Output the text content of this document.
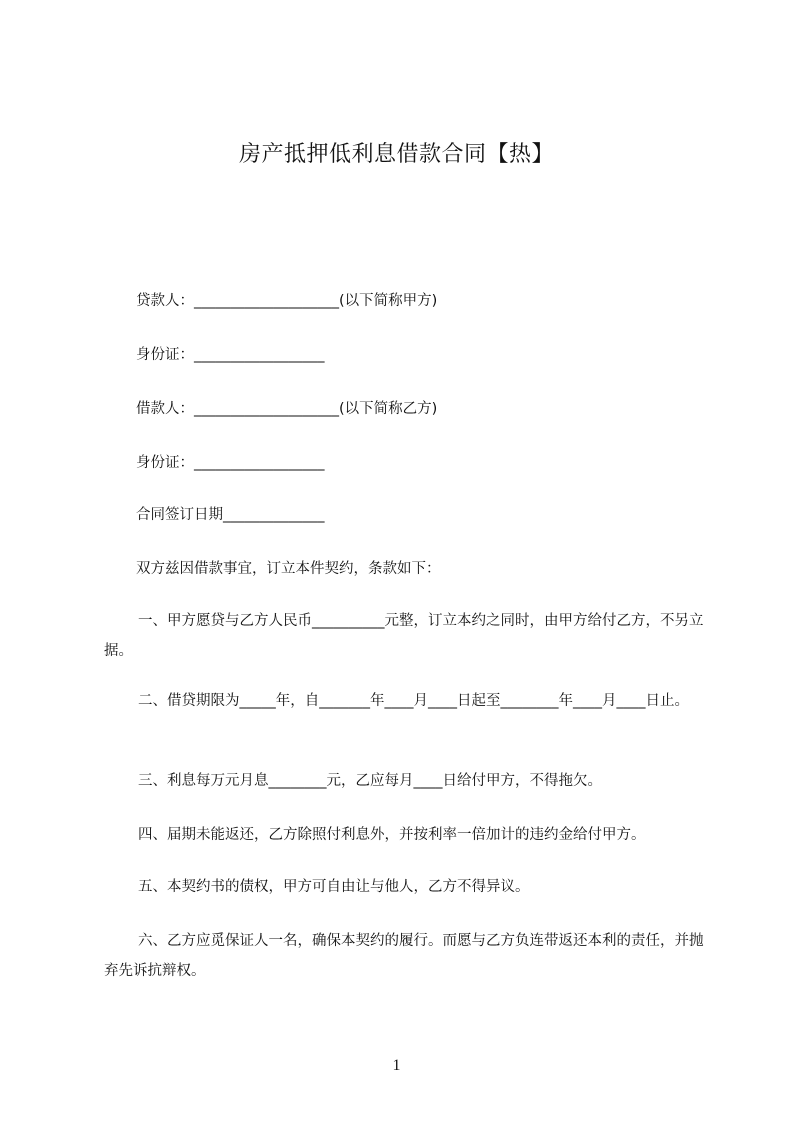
房产抵押低利息借款合同【热】
贷款人：____________________(以下简称甲方)
身份证：__________________
借款人：____________________(以下简称乙方)
身份证：__________________
合同签订日期______________
双方兹因借款事宜，订立本件契约，条款如下：
一、甲方愿贷与乙方人民币__________元整，订立本约之同时，由甲方给付乙方，不另立据。
二、借贷期限为_____年，自_______年____月____日起至________年____月____日止。
三、利息每万元月息________元，乙应每月____日给付甲方，不得拖欠。
四、届期未能返还，乙方除照付利息外，并按利率一倍加计的违约金给付甲方。
五、本契约书的债权，甲方可自由让与他人，乙方不得异议。
六、乙方应觅保证人一名，确保本契约的履行。而愿与乙方负连带返还本利的责任，并抛弃先诉抗辩权。
1
